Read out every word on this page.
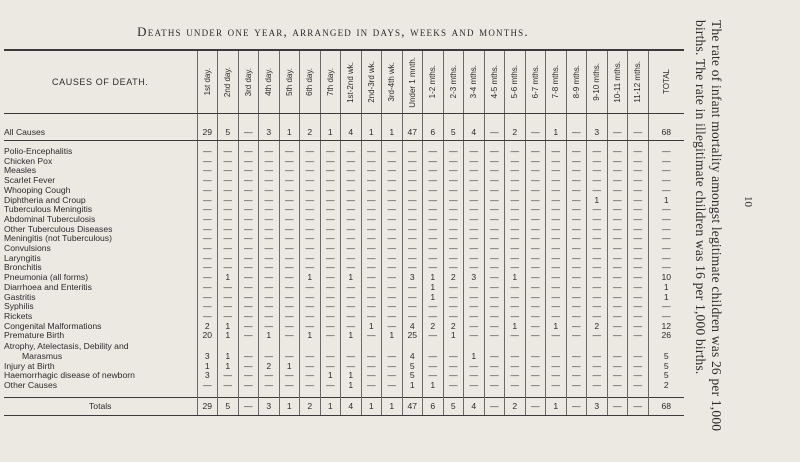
Deaths under one year, arranged in days, weeks and months.
CAUSES OF DEATH.	1st day.	2nd day.	3rd day.	4th day.	5th day.	6th day.	7th day.	1st-2nd wk.	2nd-3rd wk.	3rd-4th wk.	Under 1 mnth.	1-2 mths.	2-3 mths.	3-4 mths.	4-5 mths.	5-6 mths.	6-7 mths.	7-8 mths.	8-9 mths.	9-10 mths.	10-11 mths.	11-12 mths.	TOTAL

All Causes	29	5	—	3	1	2	1	4	1	1	47	6	5	4	—	2	—	1	—	3	—	—	68

Polio-Encephalitis	—	—	—	—	—	—	—	—	—	—	—	—	—	—	—	—	—	—	—	—	—	—	—
Chicken Pox	—	—	—	—	—	—	—	—	—	—	—	—	—	—	—	—	—	—	—	—	—	—	—
Measles	—	—	—	—	—	—	—	—	—	—	—	—	—	—	—	—	—	—	—	—	—	—	—
Scarlet Fever	—	—	—	—	—	—	—	—	—	—	—	—	—	—	—	—	—	—	—	—	—	—	—
Whooping Cough	—	—	—	—	—	—	—	—	—	—	—	—	—	—	—	—	—	—	—	—	—	—	—
Diphtheria and Croup	—	—	—	—	—	—	—	—	—	—	—	—	—	—	—	—	—	—	—	1	—	—	1
Tuberculous Meningitis	—	—	—	—	—	—	—	—	—	—	—	—	—	—	—	—	—	—	—	—	—	—	—
Abdominal Tuberculosis	—	—	—	—	—	—	—	—	—	—	—	—	—	—	—	—	—	—	—	—	—	—	—
Other Tuberculous Diseases	—	—	—	—	—	—	—	—	—	—	—	—	—	—	—	—	—	—	—	—	—	—	—
Meningitis (not Tuberculous)	—	—	—	—	—	—	—	—	—	—	—	—	—	—	—	—	—	—	—	—	—	—	—
Convulsions	—	—	—	—	—	—	—	—	—	—	—	—	—	—	—	—	—	—	—	—	—	—	—
Laryngitis	—	—	—	—	—	—	—	—	—	—	—	—	—	—	—	—	—	—	—	—	—	—	—
Bronchitis	—	—	—	—	—	—	—	—	—	—	—	—	—	—	—	—	—	—	—	—	—	—	—
Pneumonia (all forms)	—	1	—	—	—	1	—	1	—	—	3	1	2	3	—	1	—	—	—	—	—	—	10
Diarrhoea and Enteritis	—	—	—	—	—	—	—	—	—	—	—	1	—	—	—	—	—	—	—	—	—	—	1
Gastritis	—	—	—	—	—	—	—	—	—	—	—	1	—	—	—	—	—	—	—	—	—	—	1
Syphilis	—	—	—	—	—	—	—	—	—	—	—	—	—	—	—	—	—	—	—	—	—	—	—
Rickets	—	—	—	—	—	—	—	—	—	—	—	—	—	—	—	—	—	—	—	—	—	—	—
Congenital Malformations	2	1	—	—	—	—	—	—	1	—	4	2	2	—	—	1	—	1	—	2	—	—	12
Premature Birth	20	1	—	1	—	1	—	1	—	1	25	—	1	—	—	—	—	—	—	—	—	—	26
Atrophy, Atelectasis, Debility and																							
Marasmus	3	1	—	—	—	—	—	—	—	—	4	—	—	1	—	—	—	—	—	—	—	—	5
Injury at Birth	1	1	—	2	1	—	—	—	—	—	5	—	—	—	—	—	—	—	—	—	—	—	5
Haemorrhagic disease of newborn	3	—	—	—	—	—	1	1	—	—	5	—	—	—	—	—	—	—	—	—	—	—	5
Other Causes	—	—	—	—	—	—	—	1	—	—	1	1	—	—	—	—	—	—	—	—	—	—	2

Totals	29	5	—	3	1	2	1	4	1	1	47	6	5	4	—	2	—	1	—	3	—	—	68	The rate of infant mortality amongst legitimate children was 26 per 1,000 births. The rate in illegitimate children was 16 per 1,000 births.	10
